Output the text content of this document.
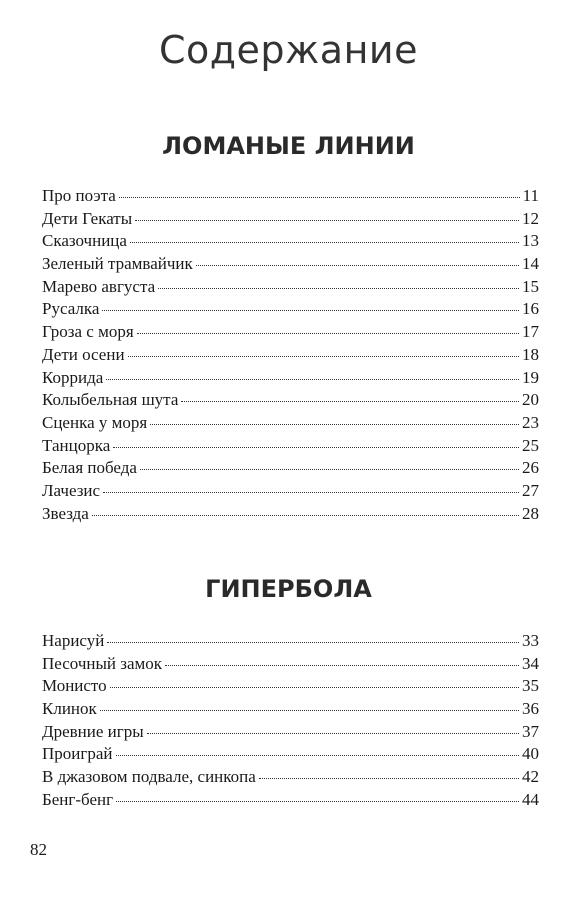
Содержание
ЛОМАНЫЕ ЛИНИИ
Про поэта	11
Дети Гекаты	12
Сказочница	13
Зеленый трамвайчик	14
Марево августа	15
Русалка	16
Гроза с моря	17
Дети осени	18
Коррида	19
Колыбельная шута	20
Сценка у моря	23
Танцорка	25
Белая победа	26
Лачезис	27
Звезда	28
ГИПЕРБОЛА
Нарисуй	33
Песочный замок	34
Монисто	35
Клинок	36
Древние игры	37
Проиграй	40
В джазовом подвале, синкопа	42
Бенг-бенг	44
82
